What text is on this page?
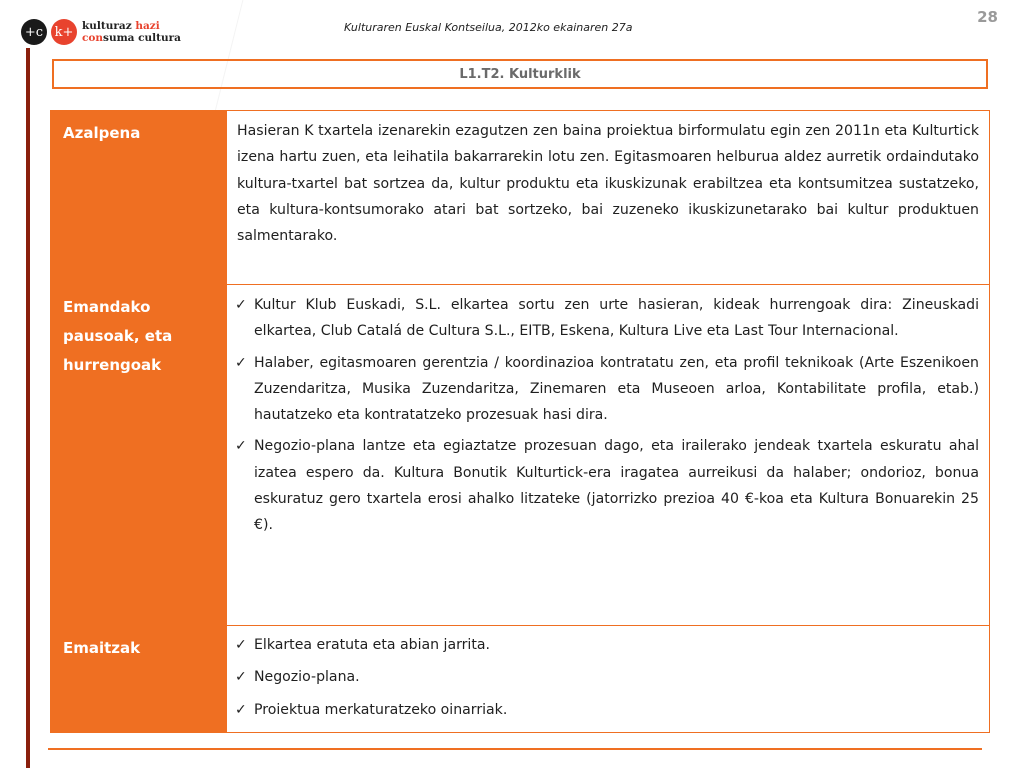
+c k+ kulturaz hazi
consuma cultura
Kulturaren Euskal Kontseilua, 2012ko ekainaren 27a
28
L1.T2. Kulturklik
Azalpena	Hasieran K txartela izenarekin ezagutzen zen baina proiektua birformulatu egin zen 2011n eta Kulturtick izena hartu zuen, eta leihatila bakarrarekin lotu zen. Egitasmoaren helburua aldez aurretik ordaindutako kultura-txartel bat sortzea da, kultur produktu eta ikuskizunak erabiltzea eta kontsumitzea sustatzeko, eta kultura-kontsumorako atari bat sortzeko, bai zuzeneko ikuskizunetarako bai kultur produktuen salmentarako.
Emandako pausoak, eta hurrengoak
✓ Kultur Klub Euskadi, S.L. elkartea sortu zen urte hasieran, kideak hurrengoak dira: Zineuskadi elkartea, Club Catalá de Cultura S.L., EITB, Eskena, Kultura Live eta Last Tour Internacional.
✓ Halaber, egitasmoaren gerentzia / koordinazioa kontratatu zen, eta profil teknikoak (Arte Eszenikoen Zuzendaritza, Musika Zuzendaritza, Zinemaren eta Museoen arloa, Kontabilitate profila, etab.) hautatzeko eta kontratatzeko prozesuak hasi dira.
✓ Negozio-plana lantze eta egiaztatze prozesuan dago, eta irailerako jendeak txartela eskuratu ahal izatea espero da. Kultura Bonutik Kulturtick-era iragatea aurreikusi da halaber; ondorioz, bonua eskuratuz gero txartela erosi ahalko litzateke (jatorrizko prezioa 40 €-koa eta Kultura Bonuarekin 25 €).
Emaitzak	✓ Elkartea eratuta eta abian jarrita.
✓ Negozio-plana.
✓ Proiektua merkaturatzeko oinarriak.
